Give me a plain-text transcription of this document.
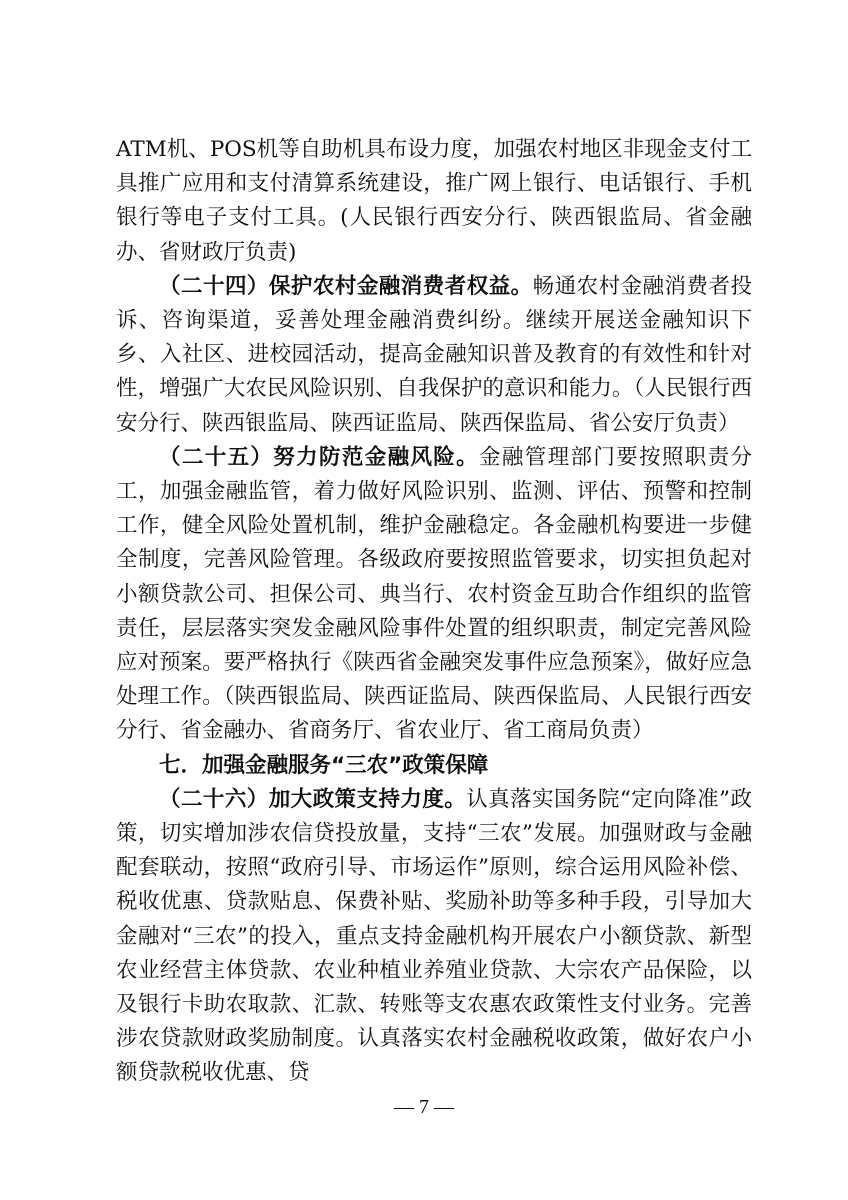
ATM机、POS机等自助机具布设力度，加强农村地区非现金支付工具推广应用和支付清算系统建设，推广网上银行、电话银行、手机银行等电子支付工具。(人民银行西安分行、陕西银监局、省金融办、省财政厅负责)

（二十四）保护农村金融消费者权益。畅通农村金融消费者投诉、咨询渠道，妥善处理金融消费纠纷。继续开展送金融知识下乡、入社区、进校园活动，提高金融知识普及教育的有效性和针对性，增强广大农民风险识别、自我保护的意识和能力。（人民银行西安分行、陕西银监局、陕西证监局、陕西保监局、省公安厅负责）

（二十五）努力防范金融风险。金融管理部门要按照职责分工，加强金融监管，着力做好风险识别、监测、评估、预警和控制工作，健全风险处置机制，维护金融稳定。各金融机构要进一步健全制度，完善风险管理。各级政府要按照监管要求，切实担负起对小额贷款公司、担保公司、典当行、农村资金互助合作组织的监管责任，层层落实突发金融风险事件处置的组织职责，制定完善风险应对预案。要严格执行《陕西省金融突发事件应急预案》，做好应急处理工作。（陕西银监局、陕西证监局、陕西保监局、人民银行西安分行、省金融办、省商务厅、省农业厅、省工商局负责）

七．加强金融服务“三农”政策保障

（二十六）加大政策支持力度。认真落实国务院“定向降准”政策，切实增加涉农信贷投放量，支持“三农”发展。加强财政与金融配套联动，按照“政府引导、市场运作”原则，综合运用风险补偿、税收优惠、贷款贴息、保费补贴、奖励补助等多种手段，引导加大金融对“三农”的投入，重点支持金融机构开展农户小额贷款、新型农业经营主体贷款、农业种植业养殖业贷款、大宗农产品保险，以及银行卡助农取款、汇款、转账等支农惠农政策性支付业务。完善涉农贷款财政奖励制度。认真落实农村金融税收政策，做好农户小额贷款税收优惠、贷

— 7 —
